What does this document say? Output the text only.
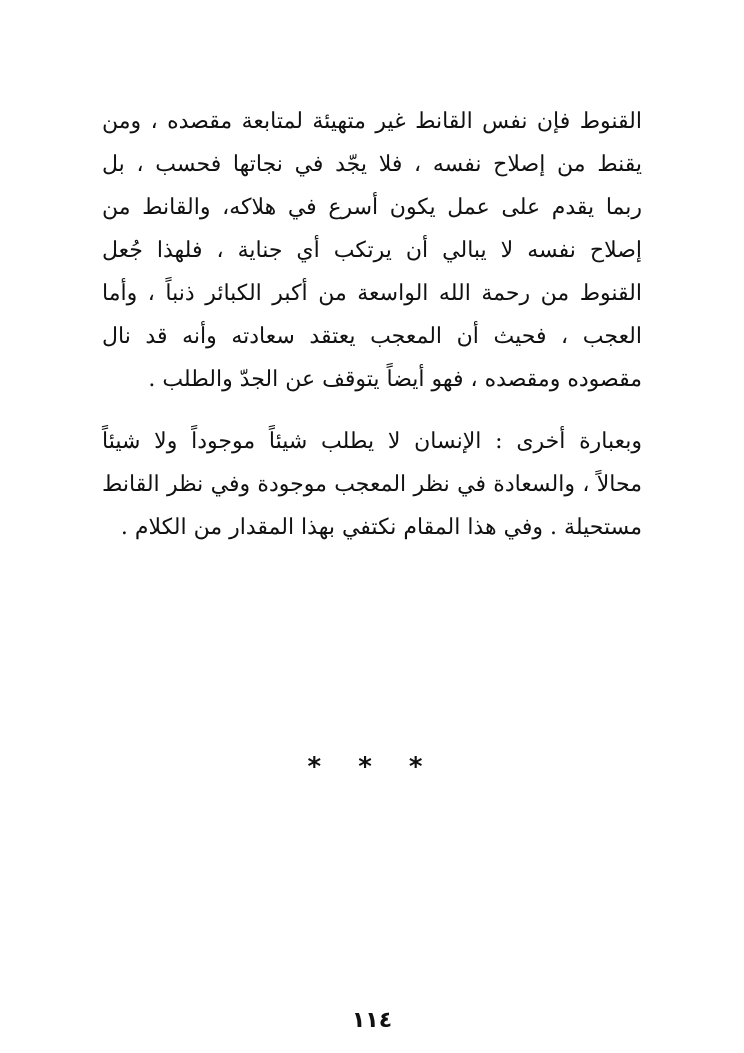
القنوط فإن نفس القانط غير متهيئة لمتابعة مقصده ، ومن
يقنط من إصلاح نفسه ، فلا يجّد في نجاتها فحسب ، بل
ربما يقدم على عمل يكون أسرع في هلاكه، والقانط من
إصلاح نفسه لا يبالي أن يرتكب أي جناية ، فلهذا جُعل
القنوط من رحمة الله الواسعة من أكبر الكبائر ذنباً ، وأما
العجب ، فحيث أن المعجب يعتقد سعادته وأنه قد نال
مقصوده ومقصده ، فهو أيضاً يتوقف عن الجدّ والطلب .
وبعبارة أخرى : الإنسان لا يطلب شيئاً موجوداً ولا شيئاً
محالاً ، والسعادة في نظر المعجب موجودة وفي نظر القانط
مستحيلة . وفي هذا المقام نكتفي بهذا المقدار من الكلام .
* * *
١١٤
